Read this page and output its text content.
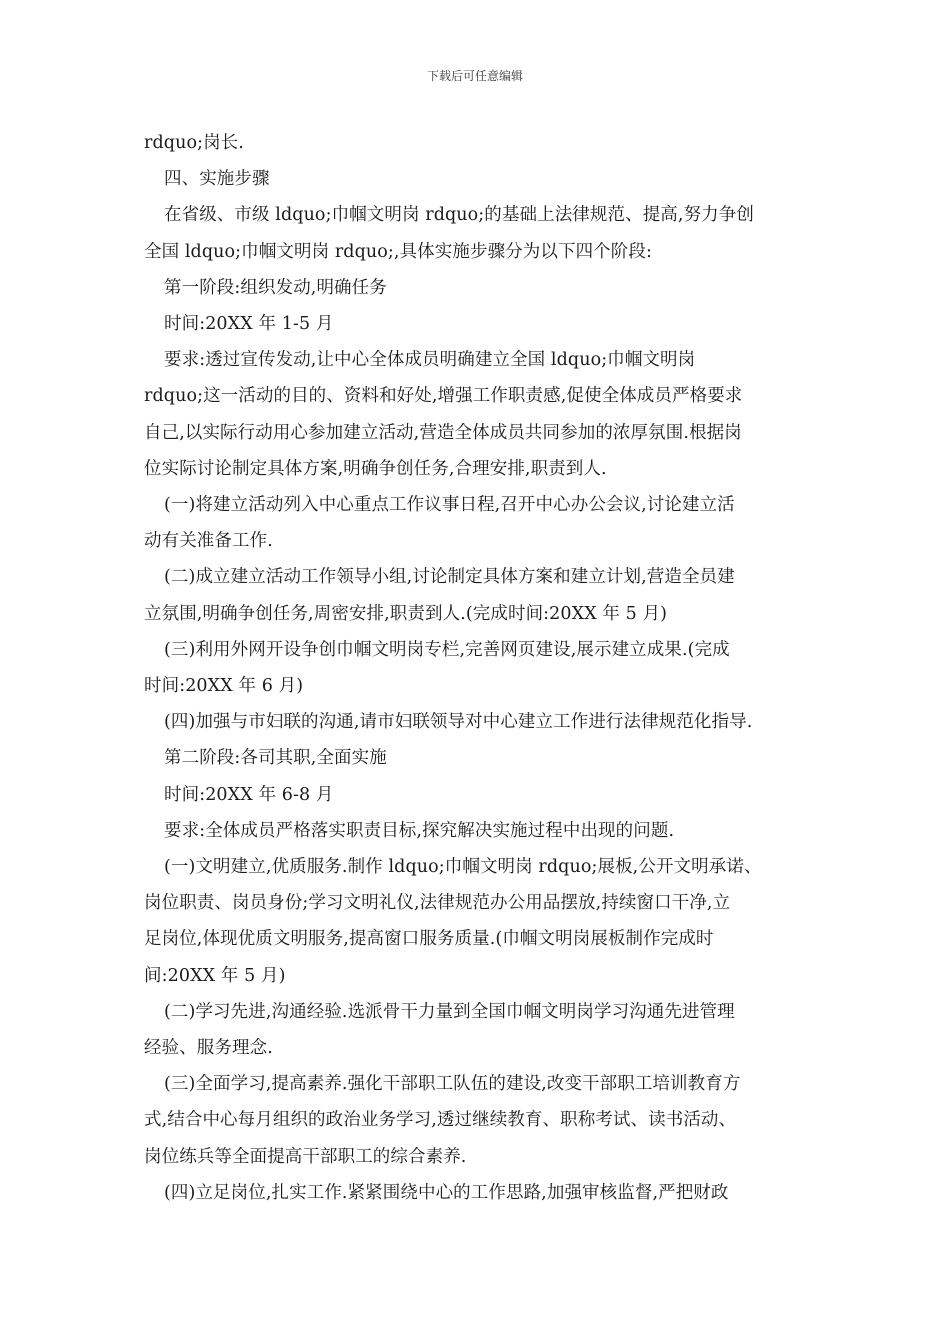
下载后可任意编辑

rdquo;岗长.

四、实施步骤

在省级、市级 ldquo;巾帼文明岗 rdquo;的基础上法律规范、提高,努力争创

全国 ldquo;巾帼文明岗 rdquo;,具体实施步骤分为以下四个阶段:

第一阶段:组织发动,明确任务

时间:20XX 年 1-5 月

要求:透过宣传发动,让中心全体成员明确建立全国 ldquo;巾帼文明岗

rdquo;这一活动的目的、资料和好处,增强工作职责感,促使全体成员严格要求

自己,以实际行动用心参加建立活动,营造全体成员共同参加的浓厚氛围.根据岗

位实际讨论制定具体方案,明确争创任务,合理安排,职责到人.

(一)将建立活动列入中心重点工作议事日程,召开中心办公会议,讨论建立活

动有关准备工作.

(二)成立建立活动工作领导小组,讨论制定具体方案和建立计划,营造全员建

立氛围,明确争创任务,周密安排,职责到人.(完成时间:20XX 年 5 月)

(三)利用外网开设争创巾帼文明岗专栏,完善网页建设,展示建立成果.(完成

时间:20XX 年 6 月)

(四)加强与市妇联的沟通,请市妇联领导对中心建立工作进行法律规范化指导.

第二阶段:各司其职,全面实施

时间:20XX 年 6-8 月

要求:全体成员严格落实职责目标,探究解决实施过程中出现的问题.

(一)文明建立,优质服务.制作 ldquo;巾帼文明岗 rdquo;展板,公开文明承诺、

岗位职责、岗员身份;学习文明礼仪,法律规范办公用品摆放,持续窗口干净,立

足岗位,体现优质文明服务,提高窗口服务质量.(巾帼文明岗展板制作完成时

间:20XX 年 5 月)

(二)学习先进,沟通经验.选派骨干力量到全国巾帼文明岗学习沟通先进管理

经验、服务理念.

(三)全面学习,提高素养.强化干部职工队伍的建设,改变干部职工培训教育方

式,结合中心每月组织的政治业务学习,透过继续教育、职称考试、读书活动、

岗位练兵等全面提高干部职工的综合素养.

(四)立足岗位,扎实工作.紧紧围绕中心的工作思路,加强审核监督,严把财政
